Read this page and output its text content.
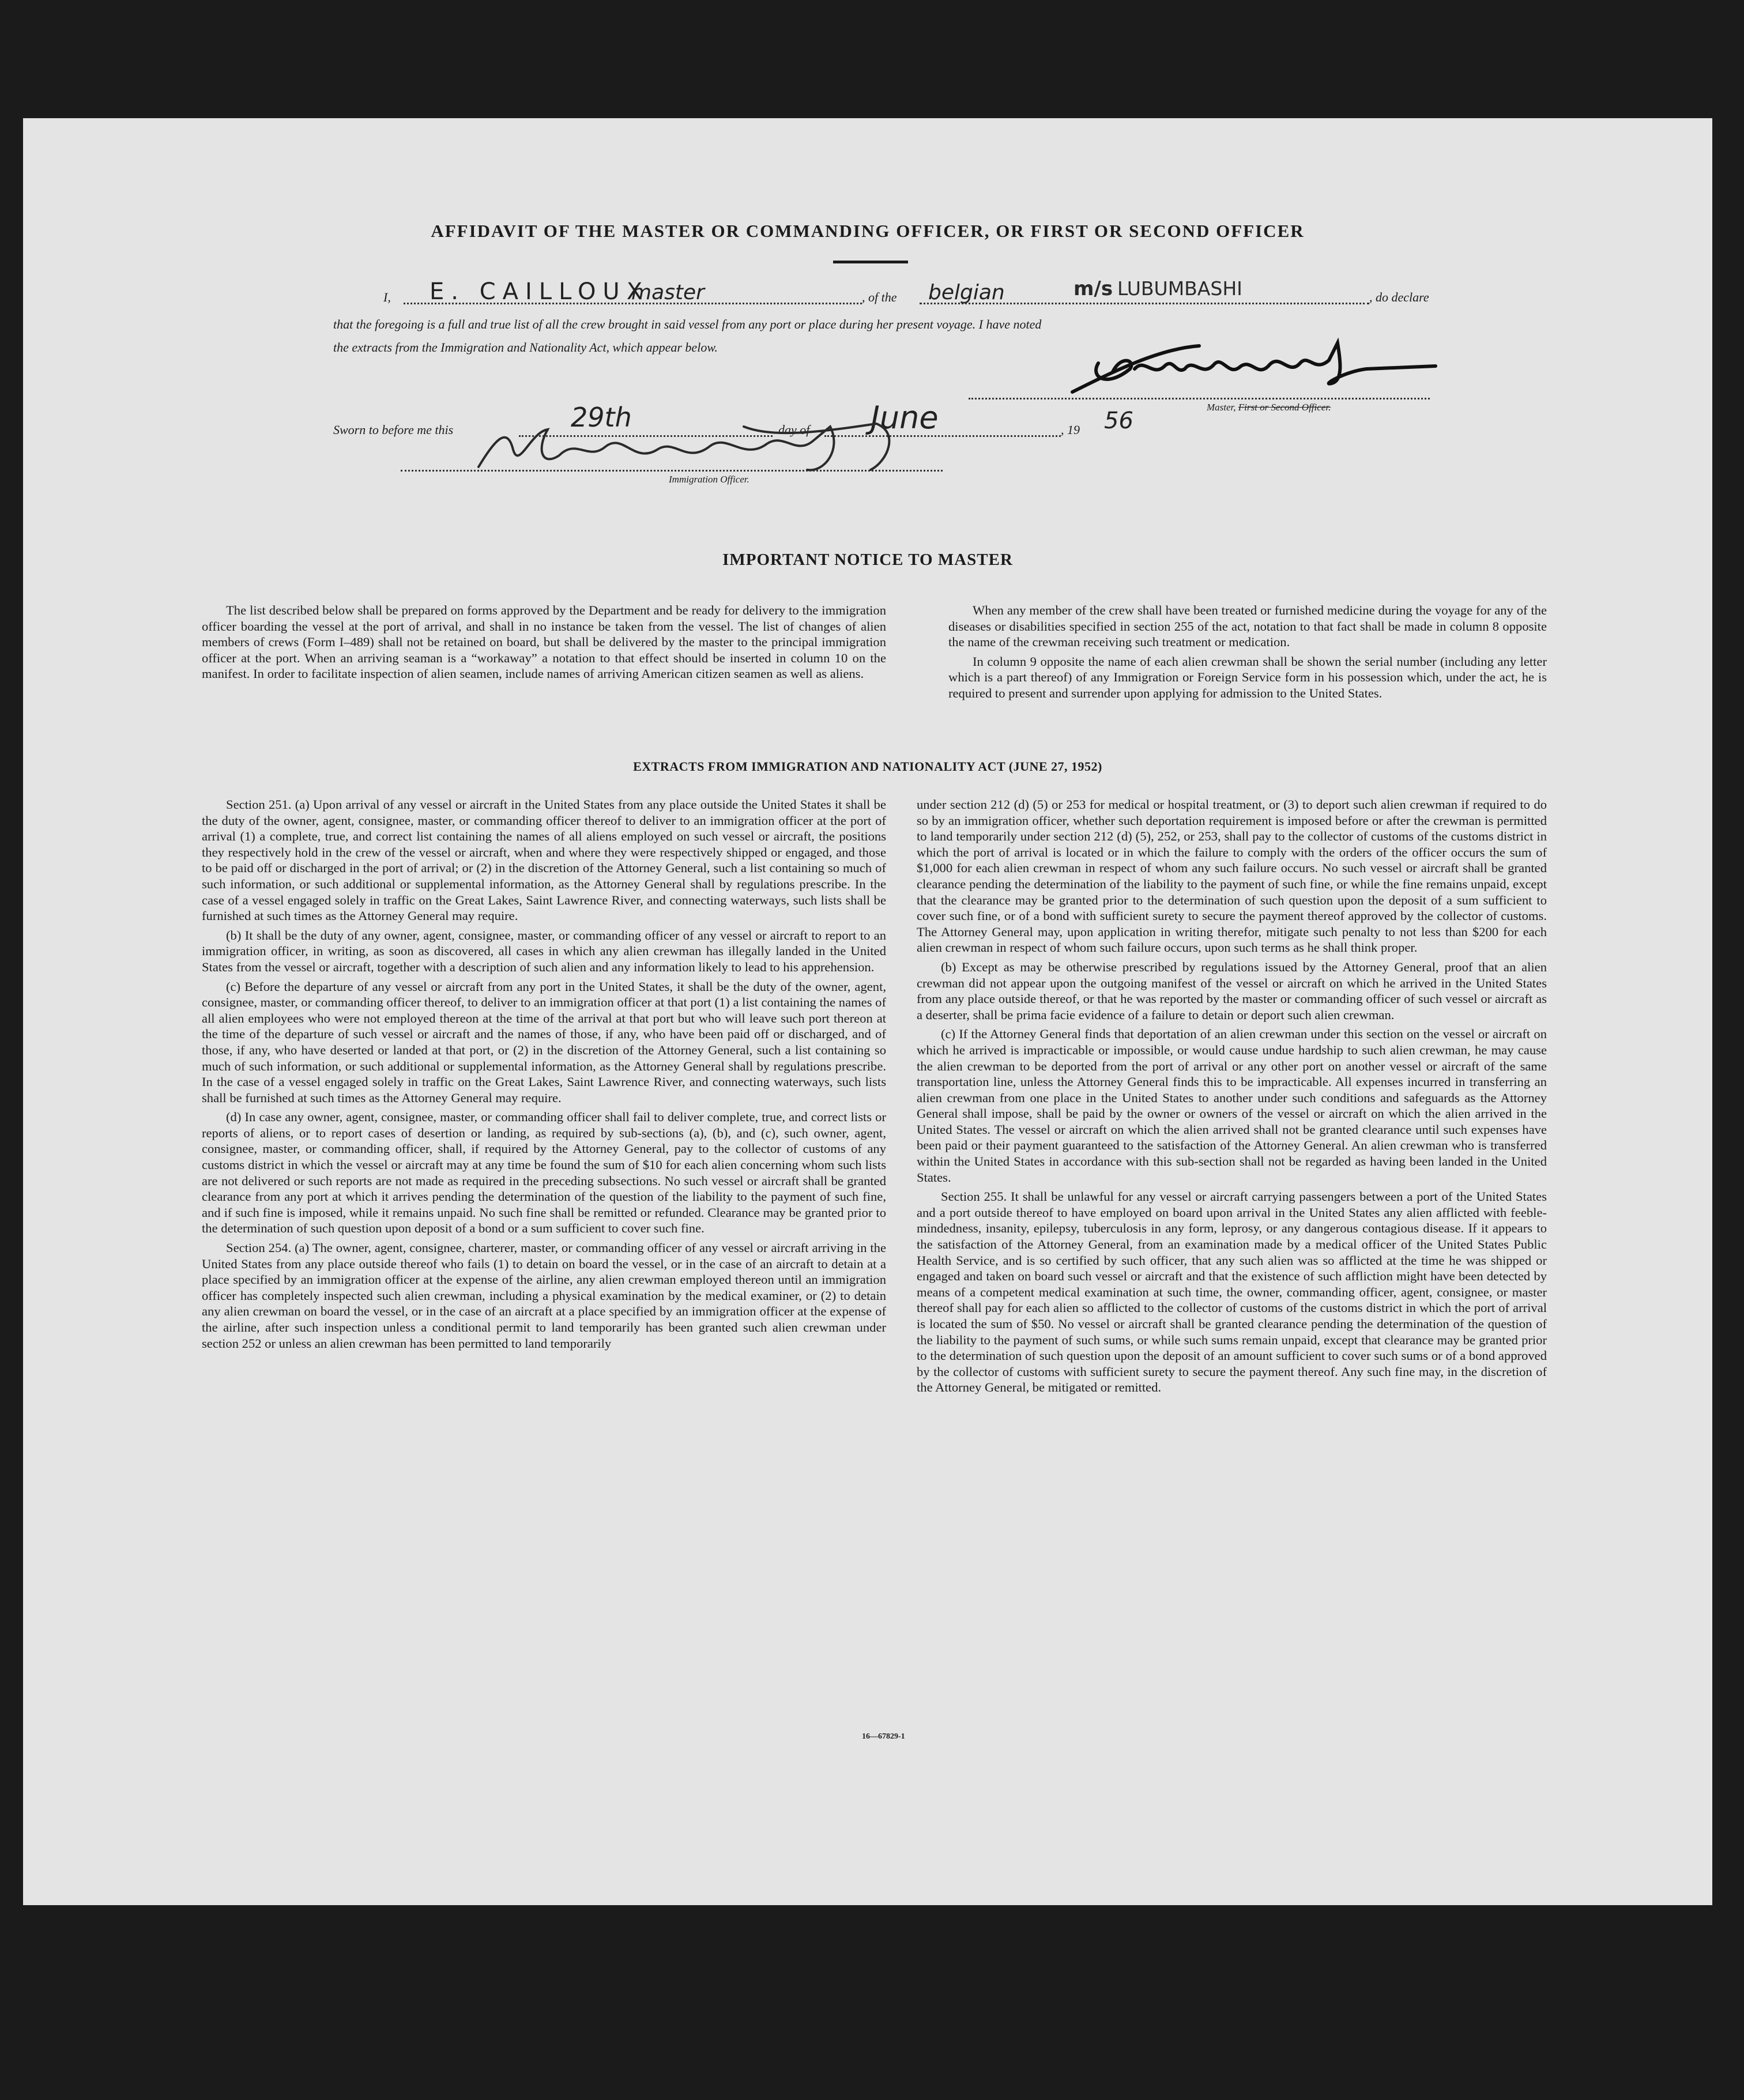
AFFIDAVIT OF THE MASTER OR COMMANDING OFFICER, OR FIRST OR SECOND OFFICER
I, E. CAILLOUX
master	, of the belgian	m/s LUBUMBASHI	, do declare
that the foregoing is a full and true list of all the crew brought in said vessel from any port or place during her present voyage. I have noted
the extracts from the Immigration and Nationality Act, which appear below.
Master, First or Second Officer.
Sworn to before me this	29th	day of June	, 19 56
Immigration Officer.
IMPORTANT NOTICE TO MASTER

The list described below shall be prepared on forms approved by the Department and be ready for delivery to the immigration officer boarding the vessel at the port of arrival, and shall in no instance be taken from the vessel. The list of changes of alien members of crews (Form I–489) shall not be retained on board, but shall be delivered by the master to the principal immigration officer at the port. When an arriving seaman is a “workaway” a notation to that effect should be inserted in column 10 on the manifest. In order to facilitate inspection of alien seamen, include names of arriving American citizen seamen as well as aliens.

When any member of the crew shall have been treated or furnished medicine during the voyage for any of the diseases or disabilities specified in section 255 of the act, notation to that fact shall be made in column 8 opposite the name of the crewman receiving such treatment or medication.

In column 9 opposite the name of each alien crewman shall be shown the serial number (including any letter which is a part thereof) of any Immigration or Foreign Service form in his possession which, under the act, he is required to present and surrender upon applying for admission to the United States.

EXTRACTS FROM IMMIGRATION AND NATIONALITY ACT (JUNE 27, 1952)

Section 251. (a) Upon arrival of any vessel or aircraft in the United States from any place outside the United States it shall be the duty of the owner, agent, consignee, master, or commanding officer thereof to deliver to an immigration officer at the port of arrival (1) a complete, true, and correct list containing the names of all aliens employed on such vessel or aircraft, the positions they respectively hold in the crew of the vessel or aircraft, when and where they were respectively shipped or engaged, and those to be paid off or discharged in the port of arrival; or (2) in the discretion of the Attorney General, such a list containing so much of such information, or such additional or supplemental information, as the Attorney General shall by regulations prescribe. In the case of a vessel engaged solely in traffic on the Great Lakes, Saint Lawrence River, and connecting waterways, such lists shall be furnished at such times as the Attorney General may require.

(b) It shall be the duty of any owner, agent, consignee, master, or commanding officer of any vessel or aircraft to report to an immigration officer, in writing, as soon as discovered, all cases in which any alien crewman has illegally landed in the United States from the vessel or aircraft, together with a description of such alien and any information likely to lead to his apprehension.

(c) Before the departure of any vessel or aircraft from any port in the United States, it shall be the duty of the owner, agent, consignee, master, or commanding officer thereof, to deliver to an immigration officer at that port (1) a list containing the names of all alien employees who were not employed thereon at the time of the arrival at that port but who will leave such port thereon at the time of the departure of such vessel or aircraft and the names of those, if any, who have been paid off or discharged, and of those, if any, who have deserted or landed at that port, or (2) in the discretion of the Attorney General, such a list containing so much of such information, or such additional or supplemental information, as the Attorney General shall by regulations prescribe. In the case of a vessel engaged solely in traffic on the Great Lakes, Saint Lawrence River, and connecting waterways, such lists shall be furnished at such times as the Attorney General may require.

(d) In case any owner, agent, consignee, master, or commanding officer shall fail to deliver complete, true, and correct lists or reports of aliens, or to report cases of desertion or landing, as required by sub-sections (a), (b), and (c), such owner, agent, consignee, master, or commanding officer, shall, if required by the Attorney General, pay to the collector of customs of any customs district in which the vessel or aircraft may at any time be found the sum of $10 for each alien concerning whom such lists are not delivered or such reports are not made as required in the preceding subsections. No such vessel or aircraft shall be granted clearance from any port at which it arrives pending the determination of the question of the liability to the payment of such fine, and if such fine is imposed, while it remains unpaid. No such fine shall be remitted or refunded. Clearance may be granted prior to the determination of such question upon deposit of a bond or a sum sufficient to cover such fine.

Section 254. (a) The owner, agent, consignee, charterer, master, or commanding officer of any vessel or aircraft arriving in the United States from any place outside thereof who fails (1) to detain on board the vessel, or in the case of an aircraft to detain at a place specified by an immigration officer at the expense of the airline, any alien crewman employed thereon until an immigration officer has completely inspected such alien crewman, including a physical examination by the medical examiner, or (2) to detain any alien crewman on board the vessel, or in the case of an aircraft at a place specified by an immigration officer at the expense of the airline, after such inspection unless a conditional permit to land temporarily has been granted such alien crewman under section 252 or unless an alien crewman has been permitted to land temporarily

under section 212 (d) (5) or 253 for medical or hospital treatment, or (3) to deport such alien crewman if required to do so by an immigration officer, whether such deportation requirement is imposed before or after the crewman is permitted to land temporarily under section 212 (d) (5), 252, or 253, shall pay to the collector of customs of the customs district in which the port of arrival is located or in which the failure to comply with the orders of the officer occurs the sum of $1,000 for each alien crewman in respect of whom any such failure occurs. No such vessel or aircraft shall be granted clearance pending the determination of the liability to the payment of such fine, or while the fine remains unpaid, except that the clearance may be granted prior to the determination of such question upon the deposit of a sum sufficient to cover such fine, or of a bond with sufficient surety to secure the payment thereof approved by the collector of customs. The Attorney General may, upon application in writing therefor, mitigate such penalty to not less than $200 for each alien crewman in respect of whom such failure occurs, upon such terms as he shall think proper.

(b) Except as may be otherwise prescribed by regulations issued by the Attorney General, proof that an alien crewman did not appear upon the outgoing manifest of the vessel or aircraft on which he arrived in the United States from any place outside thereof, or that he was reported by the master or commanding officer of such vessel or aircraft as a deserter, shall be prima facie evidence of a failure to detain or deport such alien crewman.

(c) If the Attorney General finds that deportation of an alien crewman under this section on the vessel or aircraft on which he arrived is impracticable or impossible, or would cause undue hardship to such alien crewman, he may cause the alien crewman to be deported from the port of arrival or any other port on another vessel or aircraft of the same transportation line, unless the Attorney General finds this to be impracticable. All expenses incurred in transferring an alien crewman from one place in the United States to another under such conditions and safeguards as the Attorney General shall impose, shall be paid by the owner or owners of the vessel or aircraft on which the alien arrived in the United States. The vessel or aircraft on which the alien arrived shall not be granted clearance until such expenses have been paid or their payment guaranteed to the satisfaction of the Attorney General. An alien crewman who is transferred within the United States in accordance with this sub-section shall not be regarded as having been landed in the United States.

Section 255. It shall be unlawful for any vessel or aircraft carrying passengers between a port of the United States and a port outside thereof to have employed on board upon arrival in the United States any alien afflicted with feeble-mindedness, insanity, epilepsy, tuberculosis in any form, leprosy, or any dangerous contagious disease. If it appears to the satisfaction of the Attorney General, from an examination made by a medical officer of the United States Public Health Service, and is so certified by such officer, that any such alien was so afflicted at the time he was shipped or engaged and taken on board such vessel or aircraft and that the existence of such affliction might have been detected by means of a competent medical examination at such time, the owner, commanding officer, agent, consignee, or master thereof shall pay for each alien so afflicted to the collector of customs of the customs district in which the port of arrival is located the sum of $50. No vessel or aircraft shall be granted clearance pending the determination of the question of the liability to the payment of such sums, or while such sums remain unpaid, except that clearance may be granted prior to the determination of such question upon the deposit of an amount sufficient to cover such sums or of a bond approved by the collector of customs with sufficient surety to secure the payment thereof. Any such fine may, in the discretion of the Attorney General, be mitigated or remitted.

16—67829-1
